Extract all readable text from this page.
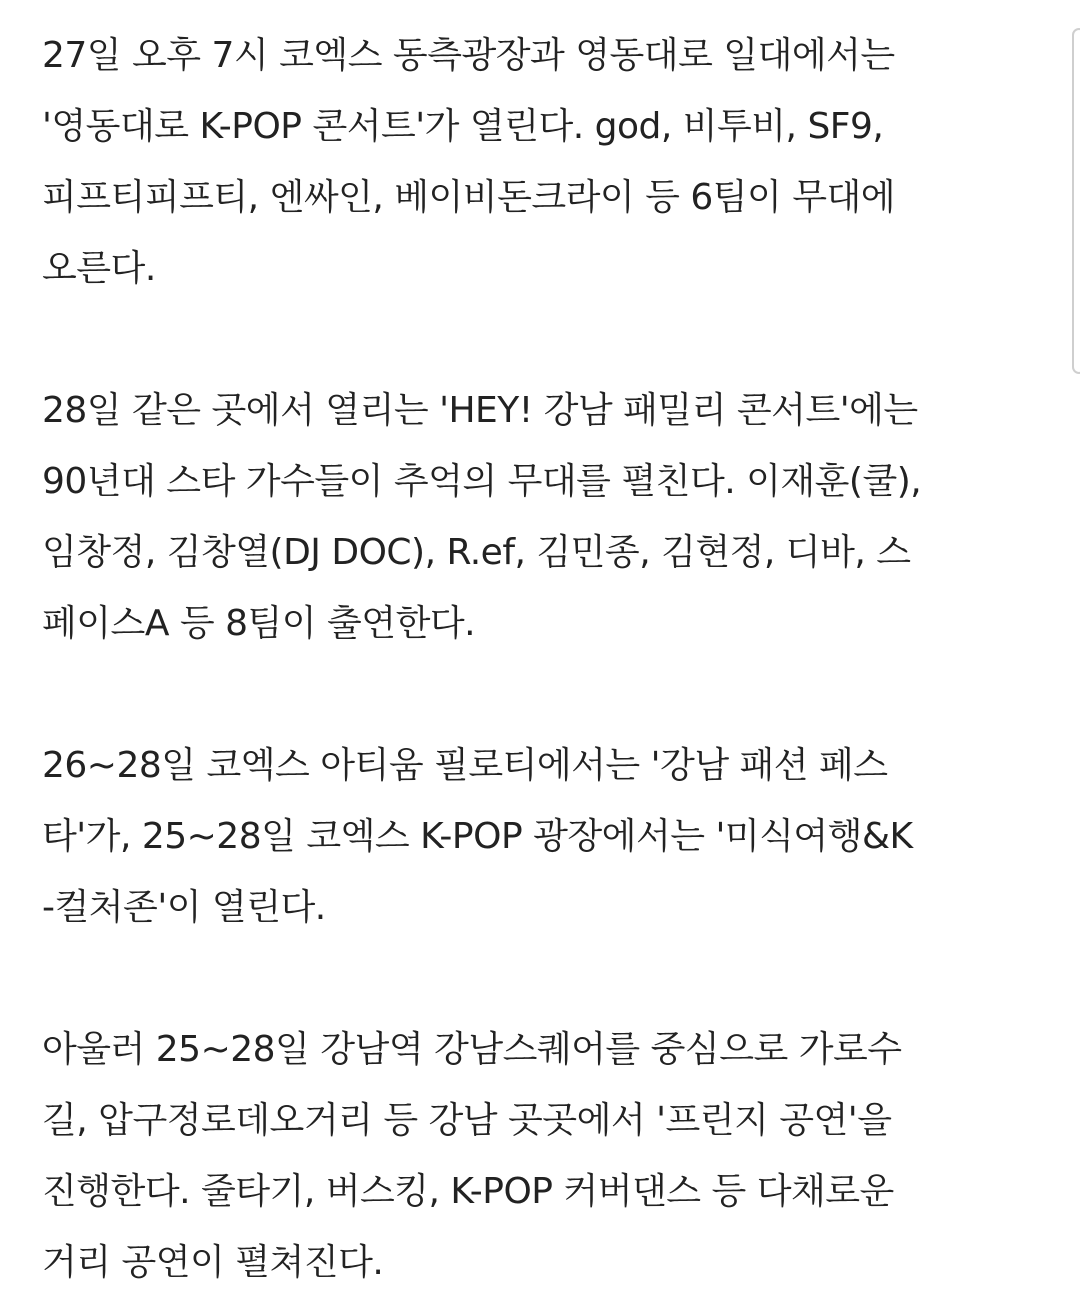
27일 오후 7시 코엑스 동측광장과 영동대로 일대에서는
'영동대로 K-POP 콘서트'가 열린다. god, 비투비, SF9,
피프티피프티, 엔싸인, 베이비돈크라이 등 6팀이 무대에
오른다.

28일 같은 곳에서 열리는 'HEY! 강남 패밀리 콘서트'에는
90년대 스타 가수들이 추억의 무대를 펼친다. 이재훈(쿨),
임창정, 김창열(DJ DOC), R.ef, 김민종, 김현정, 디바, 스
페이스A 등 8팀이 출연한다.

26~28일 코엑스 아티움 필로티에서는 '강남 패션 페스
타'가, 25~28일 코엑스 K-POP 광장에서는 '미식여행&K
-컬처존'이 열린다.

아울러 25~28일 강남역 강남스퀘어를 중심으로 가로수
길, 압구정로데오거리 등 강남 곳곳에서 '프린지 공연'을
진행한다. 줄타기, 버스킹, K-POP 커버댄스 등 다채로운
거리 공연이 펼쳐진다.
